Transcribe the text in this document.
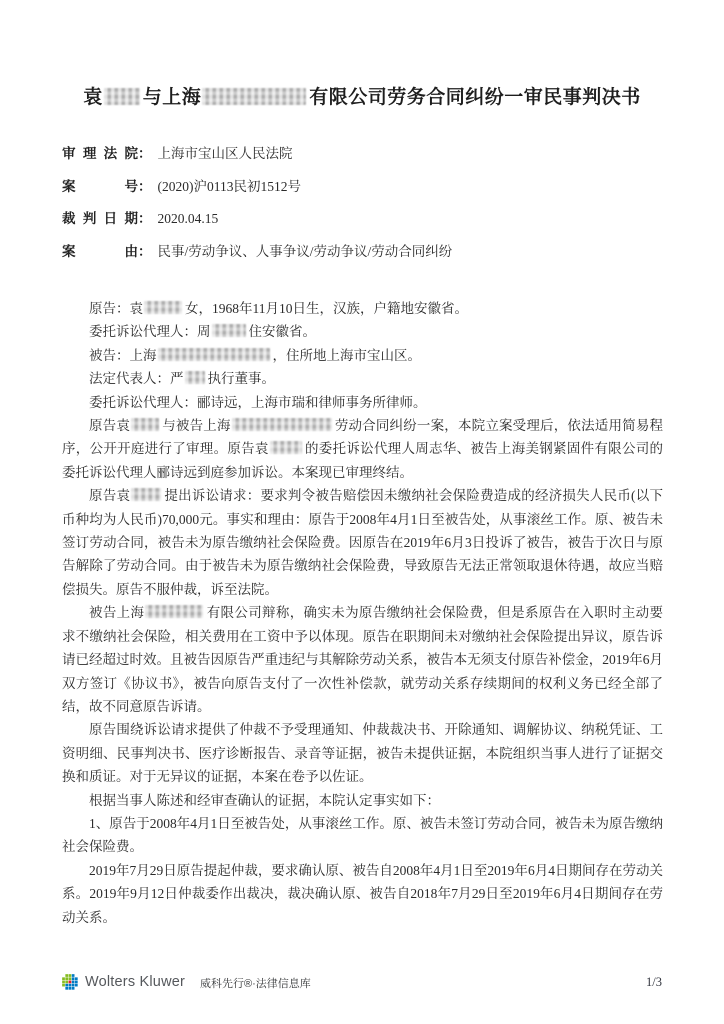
袁 与上海	有限公司劳务合同纠纷一审民事判决书
审理法院： 上海市宝山区人民法院
案号： (2020)沪0113民初1512号
裁判日期： 2020.04.15
案由： 民事/劳动争议、人事争议/劳动争议/劳动合同纠纷

原告：袁	女，1968年11月10日生，汉族，户籍地安徽省。

委托诉讼代理人：周	住安徽省。

被告：上海	，住所地上海市宝山区。

法定代表人：严 执行董事。

委托诉讼代理人：郦诗远，上海市瑞和律师事务所律师。

原告袁 与被告上海	劳动合同纠纷一案，本院立案受理后，依法适用简易程序，公开开庭进行了审理。原告袁	的委托诉讼代理人周志华、被告上海美钢紧固件有限公司的委托诉讼代理人郦诗远到庭参加诉讼。本案现已审理终结。

原告袁	提出诉讼请求：要求判令被告赔偿因未缴纳社会保险费造成的经济损失人民币(以下币种均为人民币)70,000元。事实和理由：原告于2008年4月1日至被告处，从事滚丝工作。原、被告未签订劳动合同，被告未为原告缴纳社会保险费。因原告在2019年6月3日投诉了被告，被告于次日与原告解除了劳动合同。由于被告未为原告缴纳社会保险费，导致原告无法正常领取退休待遇，故应当赔偿损失。原告不服仲裁，诉至法院。

被告上海	有限公司辩称，确实未为原告缴纳社会保险费，但是系原告在入职时主动要求不缴纳社会保险，相关费用在工资中予以体现。原告在职期间未对缴纳社会保险提出异议，原告诉请已经超过时效。且被告因原告严重违纪与其解除劳动关系，被告本无须支付原告补偿金，2019年6月双方签订《协议书》，被告向原告支付了一次性补偿款，就劳动关系存续期间的权利义务已经全部了结，故不同意原告诉请。

原告围绕诉讼请求提供了仲裁不予受理通知、仲裁裁决书、开除通知、调解协议、纳税凭证、工资明细、民事判决书、医疗诊断报告、录音等证据，被告未提供证据，本院组织当事人进行了证据交换和质证。对于无异议的证据，本案在卷予以佐证。

根据当事人陈述和经审查确认的证据，本院认定事实如下：

1、原告于2008年4月1日至被告处，从事滚丝工作。原、被告未签订劳动合同，被告未为原告缴纳社会保险费。

2019年7月29日原告提起仲裁，要求确认原、被告自2008年4月1日至2019年6月4日期间存在劳动关系。2019年9月12日仲裁委作出裁决，裁决确认原、被告自2018年7月29日至2019年6月4日期间存在劳动关系。

Wolters Kluwer 威科先行®·法律信息库	1/3
